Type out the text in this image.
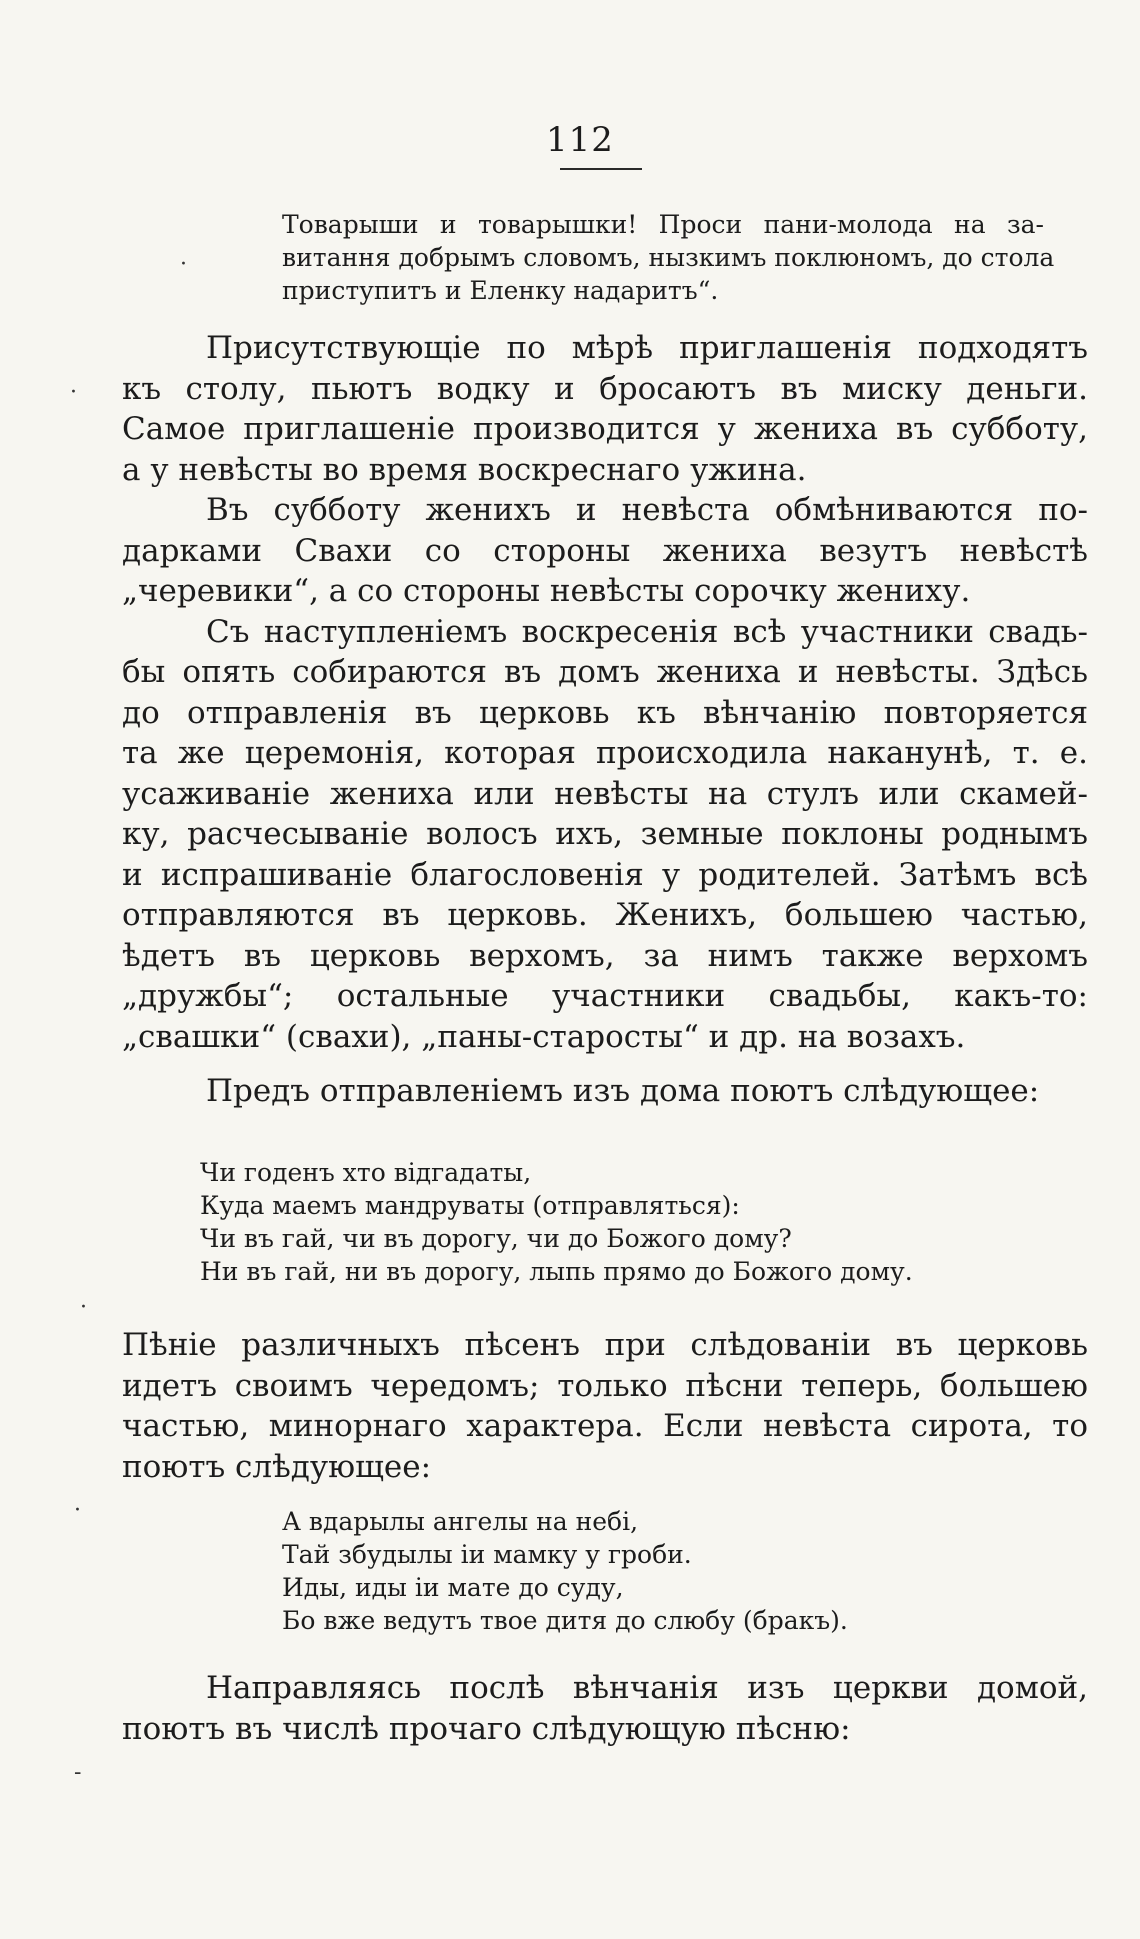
112
Товарыши и товарышки! Проси пани-молода на за-
витання добрымъ словомъ, нызкимъ поклюномъ, до стола
приступитъ и Еленку надаритъ“.
Присутствующіе по мѣрѣ приглашенія подходятъ
къ столу, пьютъ водку и бросаютъ въ миску деньги.
Самое приглашеніе производится у жениха въ субботу,
а у невѣсты во время воскреснаго ужина.
Въ субботу женихъ и невѣста обмѣниваются по-
дарками Свахи со стороны жениха везутъ невѣстѣ
„черевики“, а со стороны невѣсты сорочку жениху.
Съ наступленіемъ воскресенія всѣ участники свадь-
бы опять собираются въ домъ жениха и невѣсты. Здѣсь
до отправленія въ церковь къ вѣнчанію повторяется
та же церемонія, которая происходила наканунѣ, т. е.
усаживаніе жениха или невѣсты на стулъ или скамей-
ку, расчесываніе волосъ ихъ, земные поклоны роднымъ
и испрашиваніе благословенія у родителей. Затѣмъ всѣ
отправляются въ церковь. Женихъ, большею частью,
ѣдетъ въ церковь верхомъ, за нимъ также верхомъ
„дружбы“; остальные участники свадьбы, какъ-то:
„свашки“ (свахи), „паны-старосты“ и др. на возахъ.
Предъ отправленіемъ изъ дома поютъ слѣдующее:
Чи годенъ хто вiдгадаты,
Куда маемъ мандруваты (отправляться):
Чи въ гай, чи въ дорогу, чи до Божого дому?
Ни въ гай, ни въ дорогу, лыпь прямо до Божого дому.
Пѣніе различныхъ пѣсенъ при слѣдованіи въ церковь
идетъ своимъ чередомъ; только пѣсни теперь, большею
частью, минорнаго характера. Если невѣста сирота, то
поютъ слѣдующее:
А вдарылы ангелы на небi,
Тай збудылы iи мамку у гроби.
Иды, иды iи мате до суду,
Бо вже ведутъ твое дитя до слюбу (бракъ).
Направляясь послѣ вѣнчанія изъ церкви домой,
поютъ въ числѣ прочаго слѣдующую пѣсню:
·
·
·
·
-
